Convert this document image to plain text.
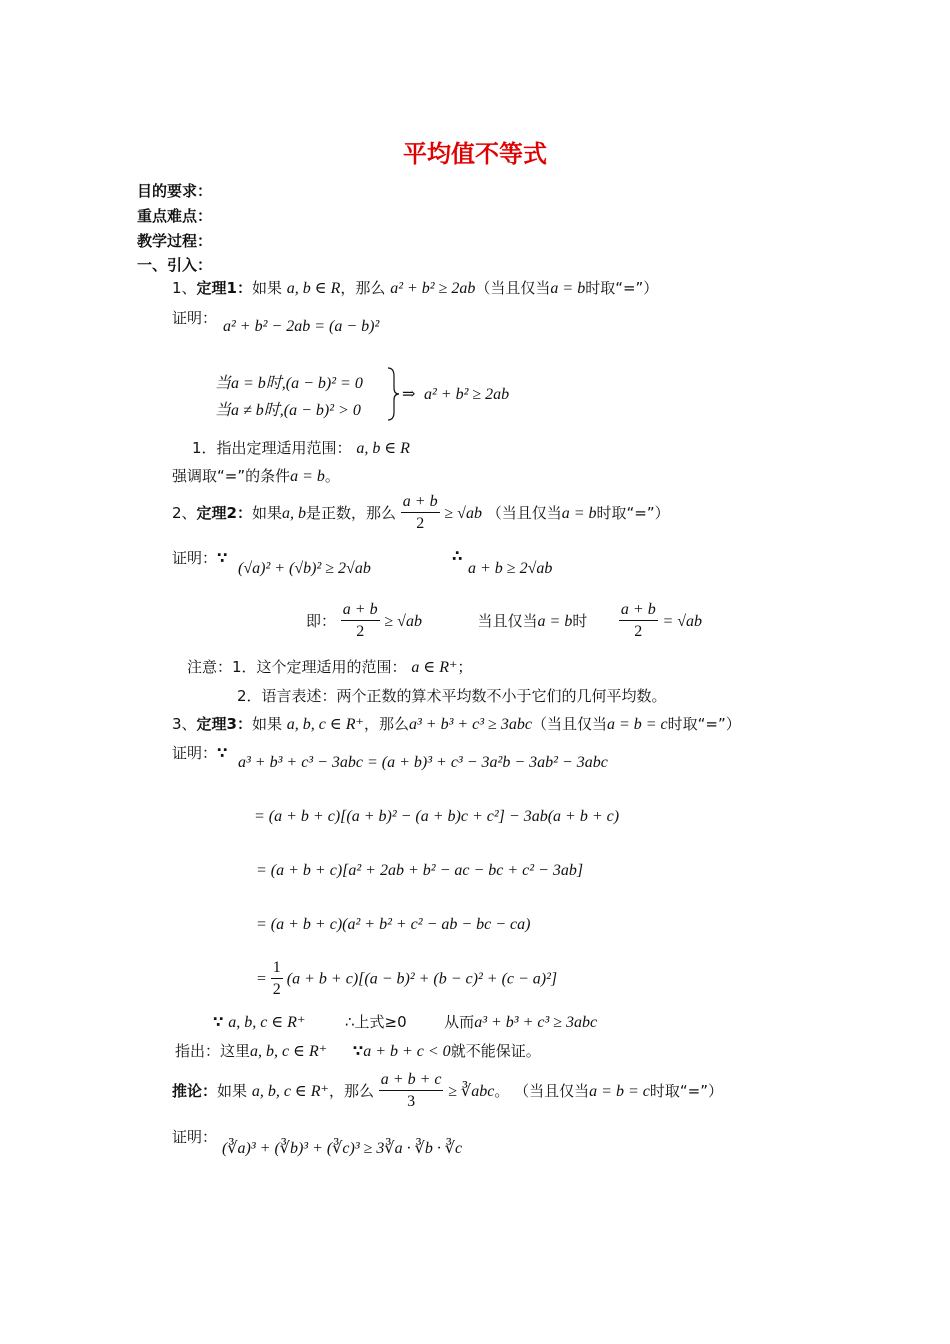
平均值不等式
目的要求：
重点难点：
教学过程：
一、引入：
1、定理1：如果 a, b ∈ R，那么 a² + b² ≥ 2ab（当且仅当a = b时取“=”）
证明： a² + b² − 2ab = (a − b)²
当a = b时,(a − b)² = 0
当a ≠ b时,(a − b)² > 0
⇒ a² + b² ≥ 2ab
1．指出定理适用范围： a, b ∈ R
强调取“=”的条件a = b。
2、定理2：如果a, b是正数，那么 $\frac{a + b}{2} \ge √ab$ （当且仅当a = b时取“=”）
证明：∵
(√a)² + (√b)² ≥ 2√ab
∴
a + b ≥ 2√ab
即： $\frac{a + b}{2} \ge √ab$	当且仅当a = b时 $\frac{a + b}{2} = √ab$
注意：1．这个定理适用的范围： a ∈ R⁺；
2．语言表述：两个正数的算术平均数不小于它们的几何平均数。
3、定理3：如果 a, b, c ∈ R⁺，那么a³ + b³ + c³ ≥ 3abc（当且仅当a = b = c时取“=”）
证明：∵
a³ + b³ + c³ − 3abc = (a + b)³ + c³ − 3a²b − 3ab² − 3abc
= (a + b + c)[(a + b)² − (a + b)c + c²] − 3ab(a + b + c)
= (a + b + c)[a² + 2ab + b² − ac − bc + c² − 3ab]
= (a + b + c)(a² + b² + c² − ab − bc − ca)
= $\frac{1}{2} (a + b + c)[(a - b)^2 + (b - c)^2 + (c - a)^2]$
∵ a, b, c ∈ R⁺	∴上式≥0	从而a³ + b³ + c³ ≥ 3abc
指出：这里a, b, c ∈ R⁺ ∵a + b + c < 0就不能保证。
推论：如果 a, b, c ∈ R⁺，那么 $\frac{a + b + c}{3}$ ≥ ∛abc。 （当且仅当a = b = c时取“=”）
证明：
(∛a)³ + (∛b)³ + (∛c)³ ≥ 3∛a · ∛b · ∛c
